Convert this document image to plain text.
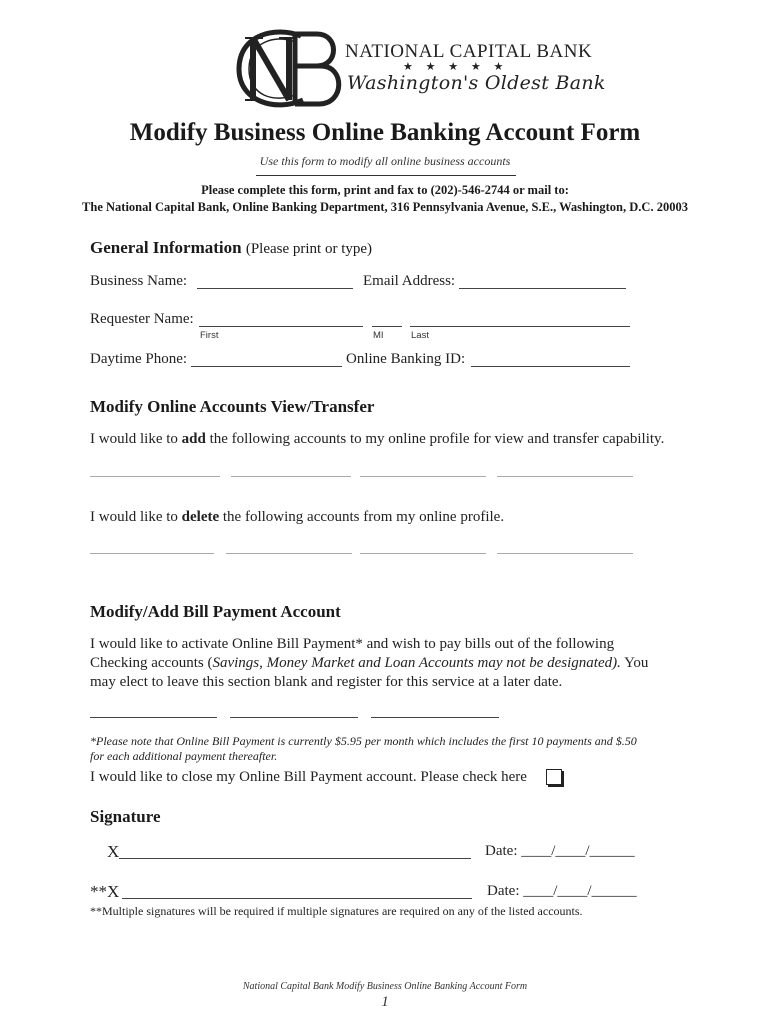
NATIONAL CAPITAL BANK
★ ★ ★ ★ ★
Washington's Oldest Bank
Modify Business Online Banking Account Form
Use this form to modify all online business accounts
Please complete this form, print and fax to (202)-546-2744 or mail to:
The National Capital Bank, Online Banking Department, 316 Pennsylvania Avenue, S.E., Washington, D.C. 20003
General Information (Please print or type)
Business Name:	Email Address:
Requester Name:
First	MI	Last
Daytime Phone:	Online Banking ID:
Modify Online Accounts View/Transfer
I would like to add the following accounts to my online profile for view and transfer capability.
I would like to delete the following accounts from my online profile.
Modify/Add Bill Payment Account
I would like to activate Online Bill Payment* and wish to pay bills out of the following
Checking accounts (Savings, Money Market and Loan Accounts may not be designated). You
may elect to leave this section blank and register for this service at a later date.
*Please note that Online Bill Payment is currently $5.95 per month which includes the first 10 payments and $.50
for each additional payment thereafter.
I would like to close my Online Bill Payment account. Please check here
Signature
X	Date: ____/____/______
**X	Date: ____/____/______
**Multiple signatures will be required if multiple signatures are required on any of the listed accounts.
National Capital Bank Modify Business Online Banking Account Form
1
